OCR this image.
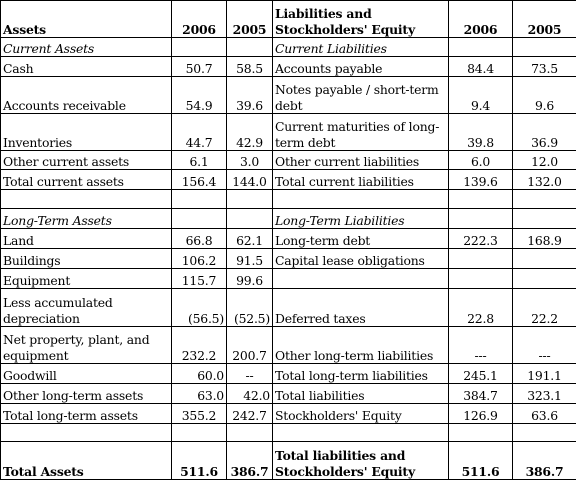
Assets	2006	2005	Liabilities and Stockholders' Equity	2006	2005
Current Assets			Current Liabilities		
Cash	50.7	58.5	Accounts payable	84.4	73.5
Accounts receivable	54.9	39.6	Notes payable / short-term debt	9.4	9.6
Inventories	44.7	42.9	Current maturities of long-term debt	39.8	36.9
Other current assets	6.1	3.0	Other current liabilities	6.0	12.0
Total current assets	156.4	144.0	Total current liabilities	139.6	132.0

Long-Term Assets			Long-Term Liabilities		
Land	66.8	62.1	Long-term debt	222.3	168.9
Buildings	106.2	91.5	Capital lease obligations		
Equipment	115.7	99.6			
Less accumulated depreciation	(56.5)	(52.5)	Deferred taxes	22.8	22.2
Net property, plant, and equipment	232.2	200.7	Other long-term liabilities	---	---
Goodwill	60.0	--	Total long-term liabilities	245.1	191.1
Other long-term assets	63.0	42.0	Total liabilities	384.7	323.1
Total long-term assets	355.2	242.7	Stockholders' Equity	126.9	63.6

Total Assets	511.6	386.7	Total liabilities and Stockholders' Equity	511.6	386.7
